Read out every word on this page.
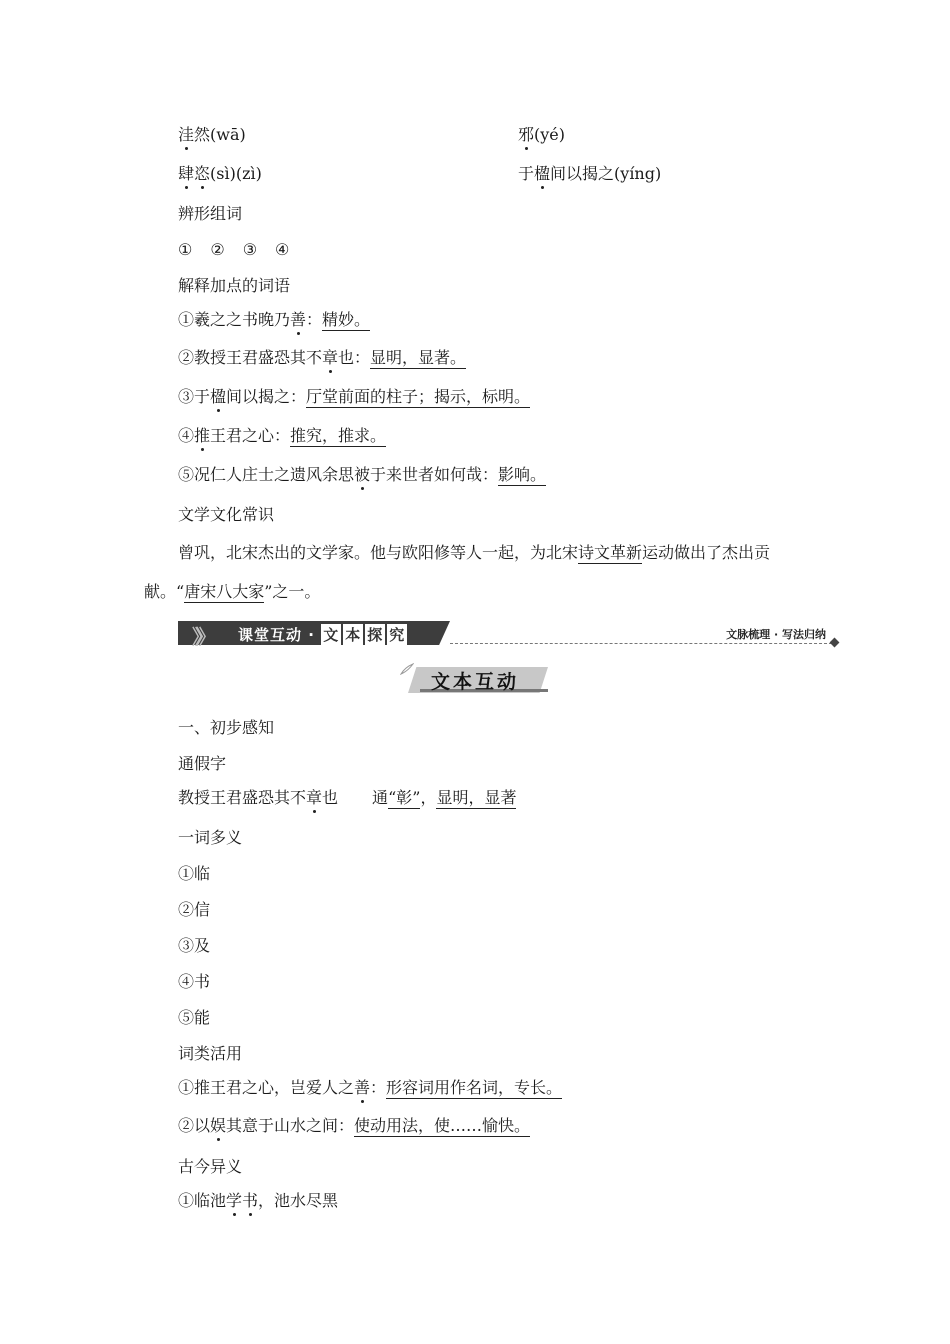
洼然(wā)	邪(yé)
肆恣(sì)(zì)	于楹间以揭之(yíng)
辨形组词
① ② ③ ④
解释加点的词语
①羲之之书晚乃善：精妙。
②教授王君盛恐其不章也：显明，显著。
③于楹间以揭之：厅堂前面的柱子；揭示，标明。
④推王君之心：推究，推求。
⑤况仁人庄士之遗风余思被于来世者如何哉：影响。
文学文化常识
曾巩，北宋杰出的文学家。他与欧阳修等人一起，为北宋诗文革新运动做出了杰出贡
献。“唐宋八大家”之一。
》》 课堂互动 · 文 本 探 究	文脉梳理 · 写法归纳
文本互动
一、初步感知
通假字
教授王君盛恐其不章也 通“彰”，显明，显著
一词多义
①临
②信
③及
④书
⑤能
词类活用
①推王君之心，岂爱人之善：形容词用作名词，专长。
②以娱其意于山水之间：使动用法，使……愉快。
古今异义
①临池学书，池水尽黑
